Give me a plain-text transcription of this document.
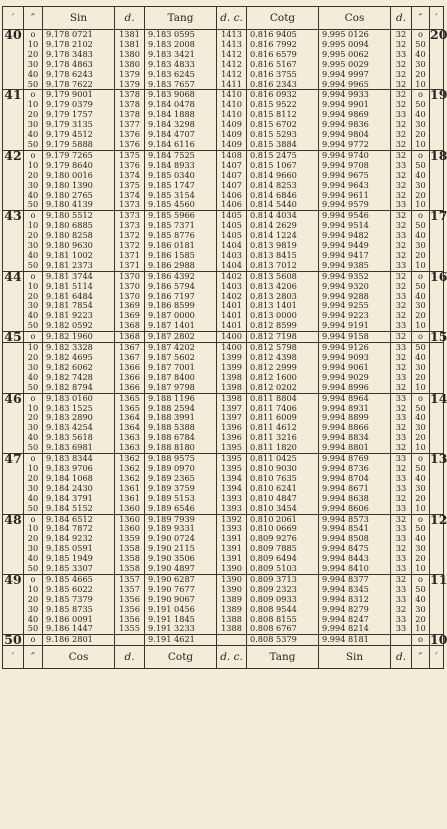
′	″	Sin	d.	Tang	d. c.	Cotg	Cos	d.	″	′
40	o	9.178 0721	1381	9.183 0595	1413	0.816 9405	9.995 0126	32	o	20
	10	9.178 2102	1381	9.183 2008	1413	0.816 7992	9.995 0094	32	50	
	20	9.178 3483	1380	9.183 3421	1412	0.816 6579	9.995 0062	33	40	
	30	9.178 4863	1380	9.183 4833	1412	0.816 5167	9.995 0029	32	30	
	40	9.178 6243	1379	9.183 6245	1412	0.816 3755	9.994 9997	32	20	
	50	9.178 7622	1379	9.183 7657	1411	0.816 2343	9.994 9965	32	10	
41	o	9.179 9001	1378	9.183 9068	1410	0.816 0932	9.994 9933	32	o	19
	10	9.179 0379	1378	9.184 0478	1410	0.815 9522	9.994 9901	32	50	
	20	9.179 1757	1378	9.184 1888	1410	0.815 8112	9.994 9869	33	40	
	30	9.179 3135	1377	9.184 3298	1409	0.815 6702	9.994 9836	32	30	
	40	9.179 4512	1376	9.184 4707	1409	0.815 5293	9.994 9804	32	20	
	50	9.179 5888	1376	9.184 6116	1409	0.815 3884	9.994 9772	32	10	
42	o	9.179 7265	1375	9.184 7525	1408	0.815 2475	9.994 9740	32	o	18
	10	9.179 8640	1376	9.184 8933	1407	0.815 1067	9.994 9708	33	50	
	20	9.180 0016	1374	9.185 0340	1407	0.814 9660	9.994 9675	32	40	
	30	9.180 1390	1375	9.185 1747	1407	0.814 8253	9.994 9643	32	30	
	40	9.180 2765	1374	9.185 3154	1406	0.814 6846	9.994 9611	32	20	
	50	9.180 4139	1373	9.185 4560	1406	0.814 5440	9.994 9579	33	10	
43	o	9.180 5512	1373	9.185 5966	1405	0.814 4034	9.994 9546	32	o	17
	10	9.180 6885	1373	9.185 7371	1405	0.814 2629	9.994 9514	32	50	
	20	9.180 8258	1372	9.185 8776	1405	0.814 1224	9.994 9482	33	40	
	30	9.180 9630	1372	9.186 0181	1404	0.813 9819	9.994 9449	32	30	
	40	9.181 1002	1371	9.186 1585	1403	0.813 8415	9.994 9417	32	20	
	50	9.181 2373	1371	9.186 2988	1404	0.813 7012	9.994 9385	33	10	
44	o	9.181 3744	1370	9.186 4392	1402	0.813 5608	9.994 9352	32	o	16
	10	9.181 5114	1370	9.186 5794	1403	0.813 4206	9.994 9320	32	50	
	20	9.181 6484	1370	9.186 7197	1402	0.813 2803	9.994 9288	33	40	
	30	9.181 7854	1369	9.186 8599	1401	0.813 1401	9.994 9255	32	30	
	40	9.181 9223	1369	9.187 0000	1401	0.813 0000	9.994 9223	32	20	
	50	9.182 0592	1368	9.187 1401	1401	0.812 8599	9.994 9191	33	10	
45	o	9.182 1960	1368	9.187 2802	1400	0.812 7198	9.994 9158	32	o	15
	10	9.182 3328	1367	9.187 4202	1400	0.812 5798	9.994 9126	33	50	
	20	9.182 4695	1367	9.187 5602	1399	0.812 4398	9.994 9093	32	40	
	30	9.182 6062	1366	9.187 7001	1399	0.812 2999	9.994 9061	32	30	
	40	9.182 7428	1366	9.187 8400	1398	0.812 1600	9.994 9029	33	20	
	50	9.182 8794	1366	9.187 9798	1398	0.812 0202	9.994 8996	32	10	
46	o	9.183 0160	1365	9.188 1196	1398	0.811 8804	9.994 8964	33	o	14
	10	9.183 1525	1365	9.188 2594	1397	0.811 7406	9.994 8931	32	50	
	20	9.183 2890	1364	9.188 3991	1397	0.811 6009	9.994 8899	33	40	
	30	9.183 4254	1364	9.188 5388	1396	0.811 4612	9.994 8866	32	30	
	40	9.183 5618	1363	9.188 6784	1396	0.811 3216	9.994 8834	33	20	
	50	9.183 6981	1363	9.188 8180	1395	0.811 1820	9.994 8801	32	10	
47	o	9.183 8344	1362	9.188 9575	1395	0.811 0425	9.994 8769	33	o	13
	10	9.183 9706	1362	9.189 0970	1395	0.810 9030	9.994 8736	32	50	
	20	9.184 1068	1362	9.189 2365	1394	0.810 7635	9.994 8704	33	40	
	30	9.184 2430	1361	9.189 3759	1394	0.810 6241	9.994 8671	33	30	
	40	9.184 3791	1361	9.189 5153	1393	0.810 4847	9.994 8638	32	20	
	50	9.184 5152	1360	9.189 6546	1393	0.810 3454	9.994 8606	33	10	
48	o	9.184 6512	1360	9.189 7939	1392	0.810 2061	9.994 8573	32	o	12
	10	9.184 7872	1360	9.189 9331	1393	0.810 0669	9.994 8541	33	50	
	20	9.184 9232	1359	9.190 0724	1391	0.809 9276	9.994 8508	33	40	
	30	9.185 0591	1358	9.190 2115	1391	0.809 7885	9.994 8475	32	30	
	40	9.185 1949	1358	9.190 3506	1391	0.809 6494	9.994 8443	33	20	
	50	9.185 3307	1358	9.190 4897	1390	0.809 5103	9.994 8410	33	10	
49	o	9.185 4665	1357	9.190 6287	1390	0.809 3713	9.994 8377	32	o	11
	10	9.185 6022	1357	9.190 7677	1390	0.809 2323	9.994 8345	33	50	
	20	9.185 7379	1356	9.190 9067	1389	0.809 0933	9.994 8312	33	40	
	30	9.185 8735	1356	9.191 0456	1389	0.808 9544	9.994 8279	32	30	
	40	9.186 0091	1356	9.191 1845	1388	0.808 8155	9.994 8247	33	20	
	50	9.186 1447	1355	9.191 3233	1388	0.808 6767	9.994 8214	33	10	
50	o	9.186 2801		9.191 4621		0.808 5379	9.994 8181		o	10
′	″	Cos	d.	Cotg	d. c.	Tang	Sin	d.	″	′
